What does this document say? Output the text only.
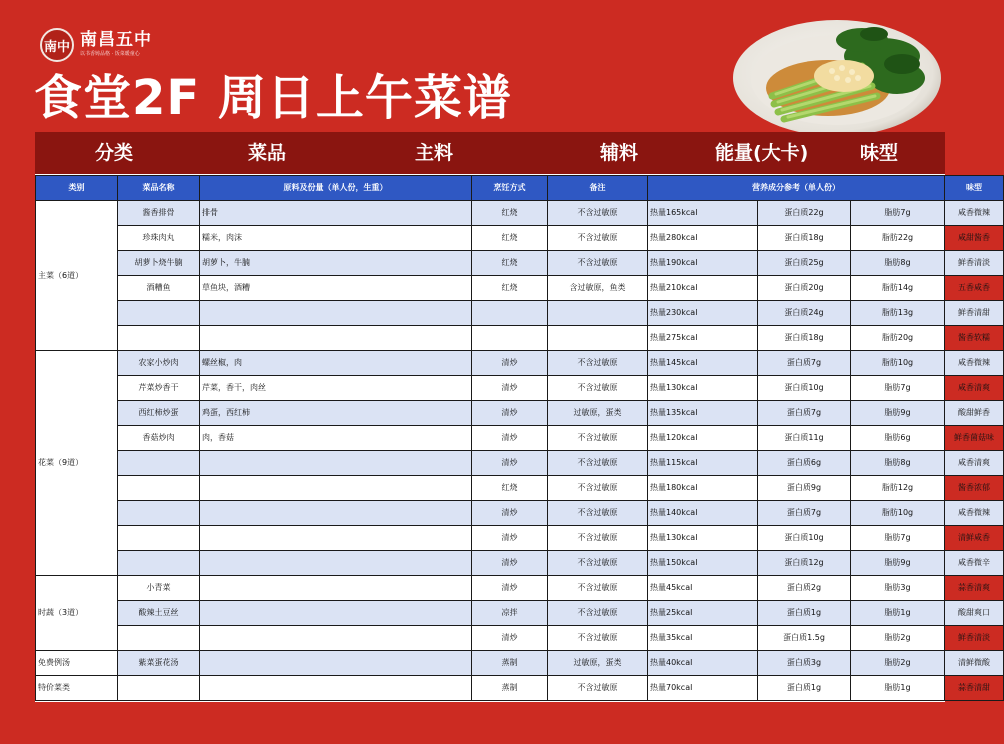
南中 南昌五中
以书香铸品格 · 饭菜暖童心
食堂2F 周日上午菜谱
分类	菜品	主料	辅料	能量(大卡)	味型
类别	菜品名称	原料及份量（单人份，生重）	烹饪方式	备注	营养成分参考（单人份）			味型
主菜（6道）	酱香排骨	排骨	红烧	不含过敏原	热量165kcal	蛋白质22g	脂肪7g	咸香微辣
	珍珠肉丸	糯米，肉沫	红烧	不含过敏原	热量280kcal	蛋白质18g	脂肪22g	咸甜酱香
	胡萝卜烧牛腩	胡萝卜，牛腩	红烧	不含过敏原	热量190kcal	蛋白质25g	脂肪8g	鲜香清淡
	酒糟鱼	草鱼块，酒糟	红烧	含过敏原，鱼类	热量210kcal	蛋白质20g	脂肪14g	五香咸香
					热量230kcal	蛋白质24g	脂肪13g	鲜香清甜
					热量275kcal	蛋白质18g	脂肪20g	酱香软糯
花菜（9道）	农家小炒肉	螺丝椒，肉	清炒	不含过敏原	热量145kcal	蛋白质7g	脂肪10g	咸香微辣
	芹菜炒香干	芹菜，香干，肉丝	清炒	不含过敏原	热量130kcal	蛋白质10g	脂肪7g	咸香清爽
	西红柿炒蛋	鸡蛋，西红柿	清炒	过敏原，蛋类	热量135kcal	蛋白质7g	脂肪9g	酸甜鲜香
	香菇炒肉	肉，香菇	清炒	不含过敏原	热量120kcal	蛋白质11g	脂肪6g	鲜香菌菇味
			清炒	不含过敏原	热量115kcal	蛋白质6g	脂肪8g	咸香清爽
			红烧	不含过敏原	热量180kcal	蛋白质9g	脂肪12g	酱香浓郁
			清炒	不含过敏原	热量140kcal	蛋白质7g	脂肪10g	咸香微辣
			清炒	不含过敏原	热量130kcal	蛋白质10g	脂肪7g	清鲜咸香
			清炒	不含过敏原	热量150kcal	蛋白质12g	脂肪9g	咸香微辛
时蔬（3道）	小青菜		清炒	不含过敏原	热量45kcal	蛋白质2g	脂肪3g	蒜香清爽
	酸辣土豆丝		凉拌	不含过敏原	热量25kcal	蛋白质1g	脂肪1g	酸甜爽口
			清炒	不含过敏原	热量35kcal	蛋白质1.5g	脂肪2g	鲜香清淡
免费例汤	紫菜蛋花汤		蒸制	过敏原，蛋类	热量40kcal	蛋白质3g	脂肪2g	清鲜微酸
特价菜类			蒸制	不含过敏原	热量70kcal	蛋白质1g	脂肪1g	蒜香清甜
